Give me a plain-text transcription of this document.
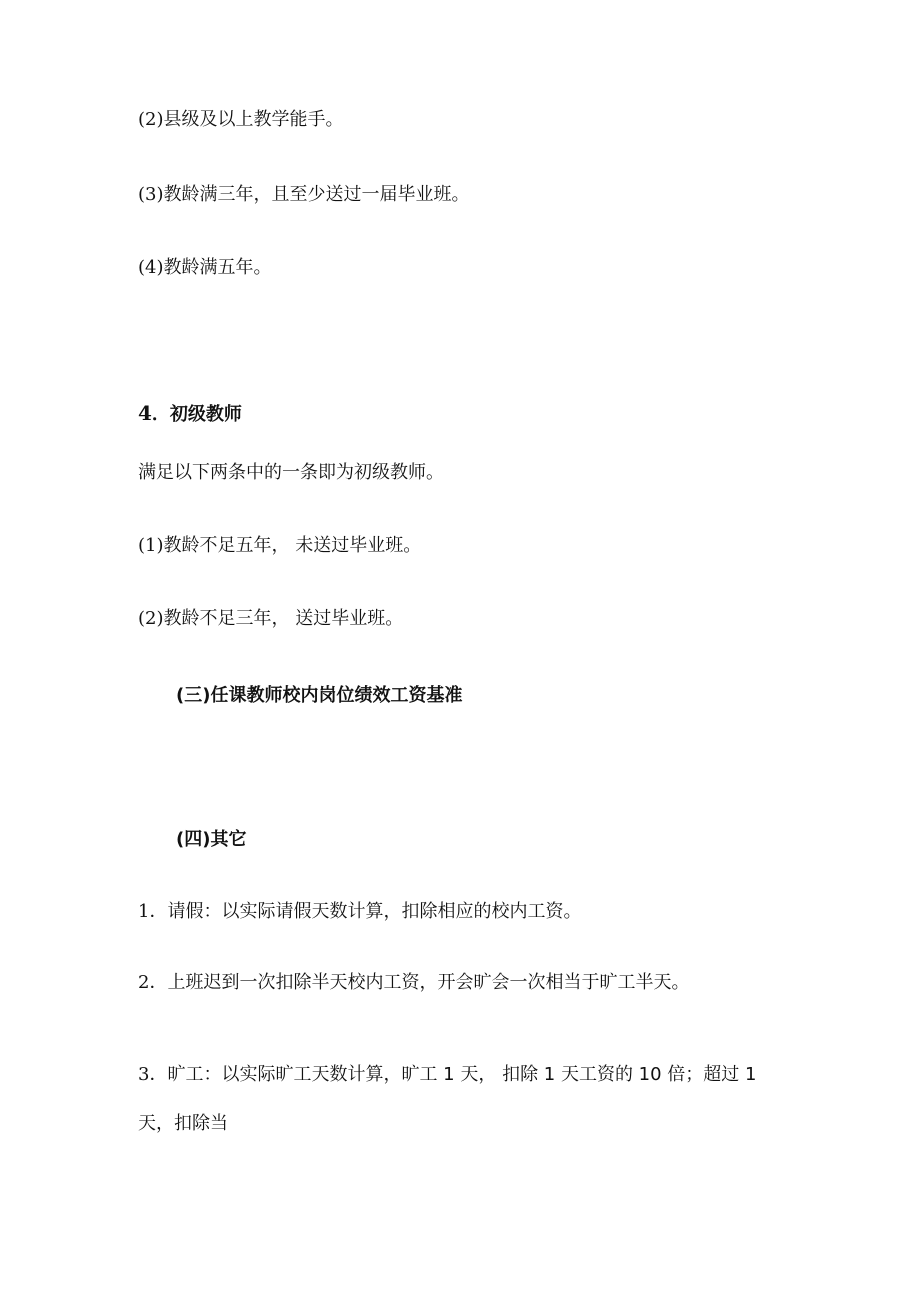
(2)县级及以上教学能手。
(3)教龄满三年，且至少送过一届毕业班。
(4)教龄满五年。
4．初级教师
满足以下两条中的一条即为初级教师。
(1)教龄不足五年， 未送过毕业班。
(2)教龄不足三年， 送过毕业班。
(三)任课教师校内岗位绩效工资基准
(四)其它
1．请假：以实际请假天数计算，扣除相应的校内工资。
2．上班迟到一次扣除半天校内工资，开会旷会一次相当于旷工半天。
3．旷工：以实际旷工天数计算，旷工 1 天， 扣除 1 天工资的 10 倍；超过 1
天，扣除当
